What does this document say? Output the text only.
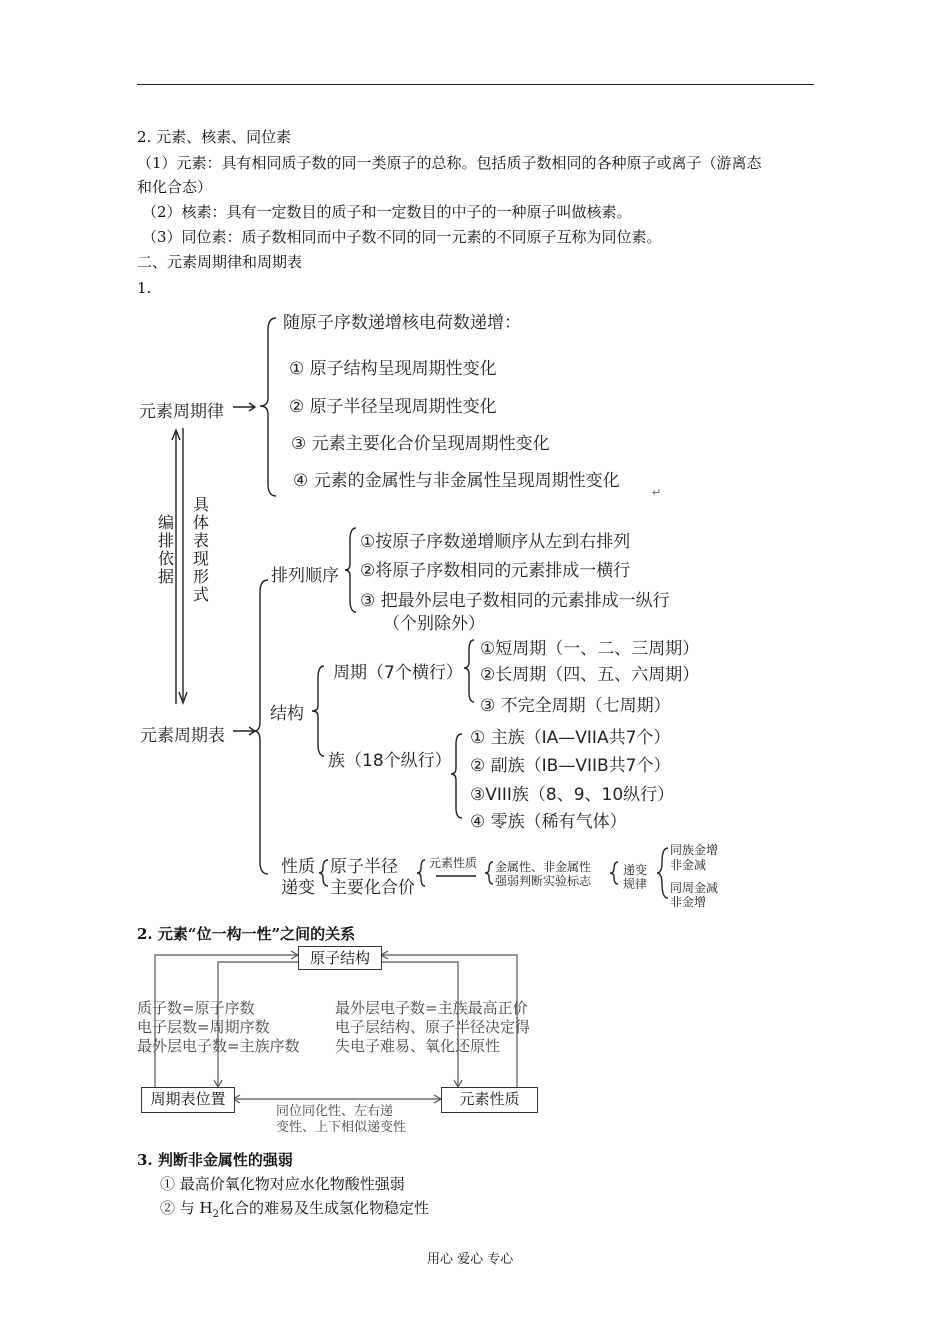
2. 元素、核素、同位素
（1）元素：具有相同质子数的同一类原子的总称。包括质子数相同的各种原子或离子（游离态
和化合态）
（2）核素：具有一定数目的质子和一定数目的中子的一种原子叫做核素。
（3）同位素：质子数相同而中子数不同的同一元素的不同原子互称为同位素。
二、元素周期律和周期表
1.
元素周期律
随原子序数递增核电荷数递增：
① 原子结构呈现周期性变化
② 原子半径呈现周期性变化
③ 元素主要化合价呈现周期性变化
④ 元素的金属性与非金属性呈现周期性变化
↵
编排依据
具体表现形式
元素周期表
排列顺序
①按原子序数递增顺序从左到右排列
②将原子序数相同的元素排成一横行
③ 把最外层电子数相同的元素排成一纵行
（个别除外）
结构
周期（7个横行）
①短周期（一、二、三周期）
②长周期（四、五、六周期）
③ 不完全周期（七周期）
族（18个纵行）
① 主族（IA—VIIA共7个）
② 副族（IB—VIIB共7个）
③VIII族（8、9、10纵行）
④ 零族（稀有气体）
性质
递变
原子半径
主要化合价
元素性质 金属性、非金属性
强弱判断实验标志
递变
规律
同族金增
非金减
同周金减
非金增
2. 元素“位一构一性”之间的关系
原子结构
周期表位置	元素性质
质子数=原子序数
电子层数=周期序数
最外层电子数=主族序数
最外层电子数=主族最高正价
电子层结构、原子半径决定得
失电子难易、氧化还原性
同位同化性、左右递
变性、上下相似递变性
3. 判断非金属性的强弱
① 最高价氧化物对应水化物酸性强弱
② 与 $H_2$化合的难易及生成氢化物稳定性
用心 爱心 专心
